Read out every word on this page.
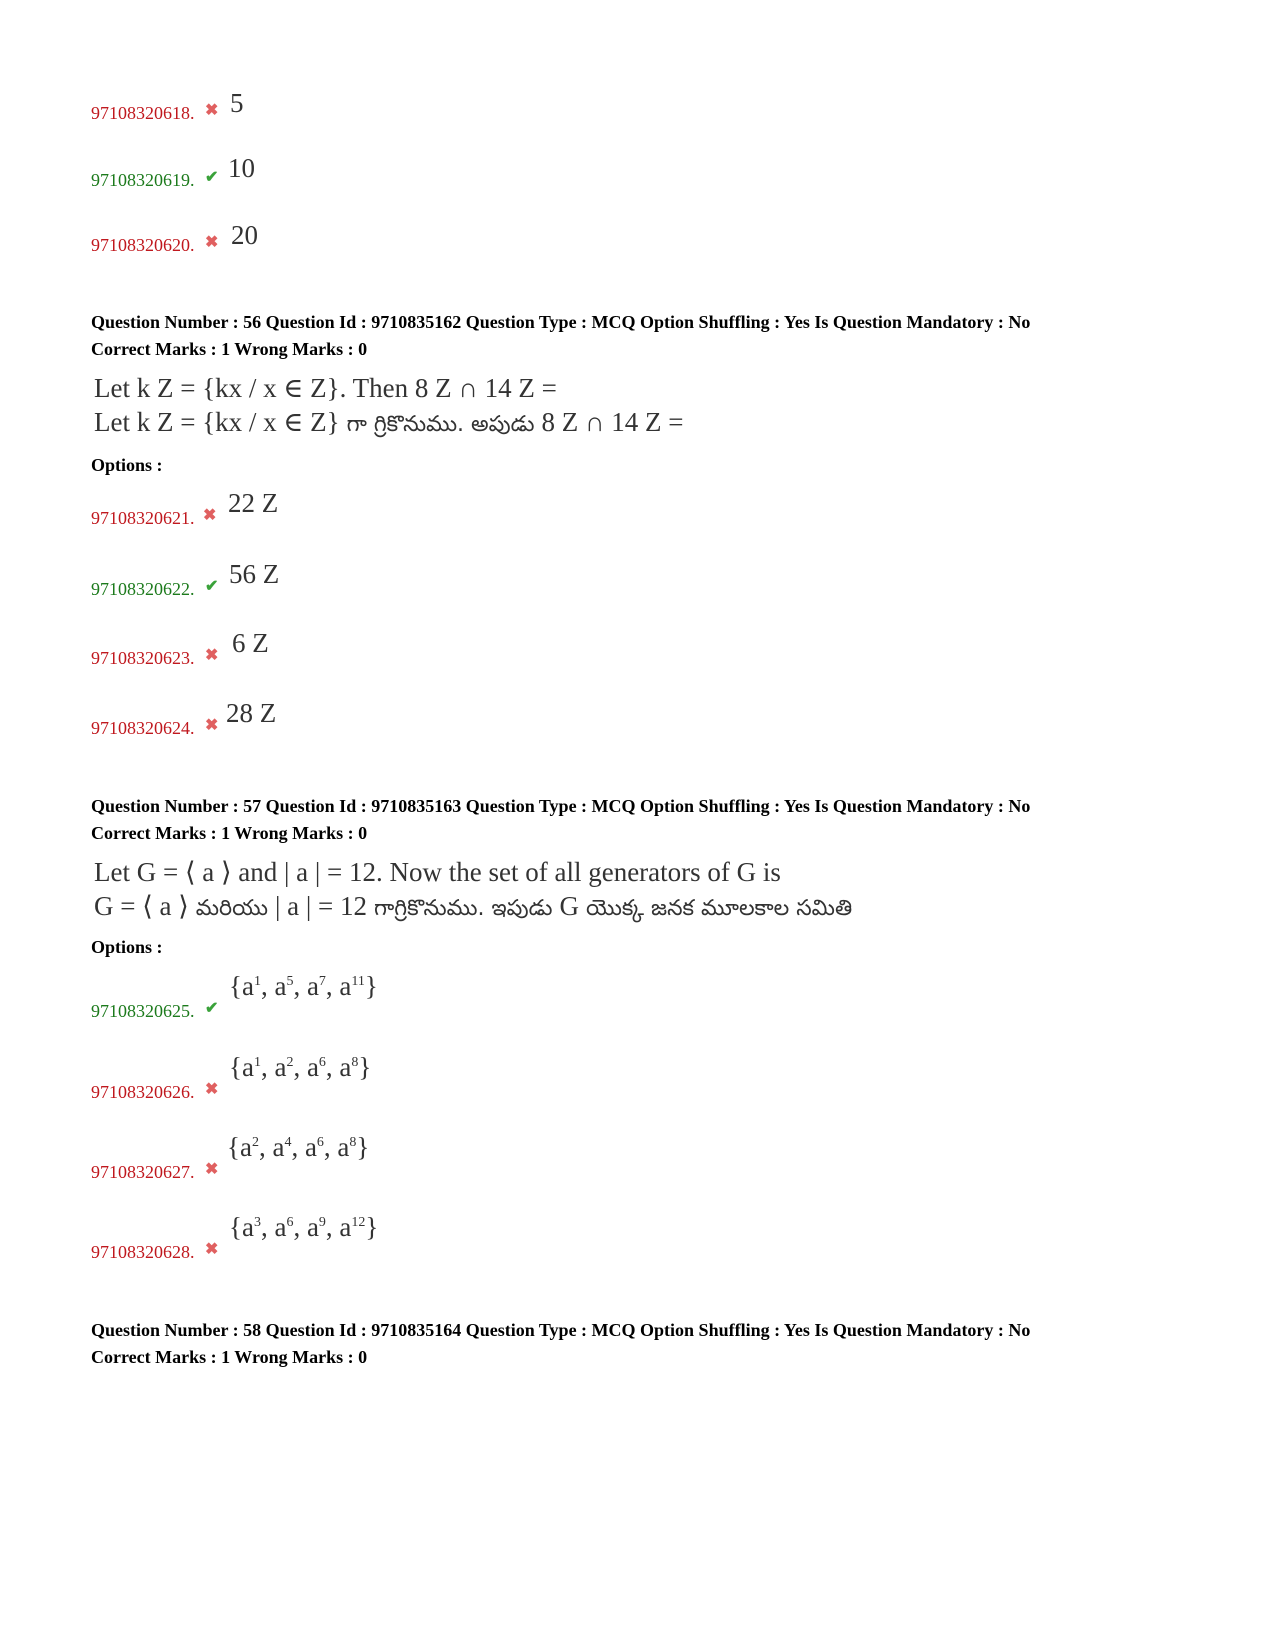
97108320618. ✖ 5
97108320619. ✔ 10
97108320620. ✖ 20
Question Number : 56 Question Id : 9710835162 Question Type : MCQ Option Shuffling : Yes Is Question Mandatory : No
Correct Marks : 1 Wrong Marks : 0
Let k Z = {kx / x ∈ Z}. Then 8 Z ∩ 14 Z =
Let k Z = {kx / x ∈ Z} గా గ్రికొనుము. అపుడు 8 Z ∩ 14 Z =
Options :
97108320621. ✖ 22 Z
97108320622. ✔ 56 Z
97108320623. ✖ 6 Z
97108320624. ✖ 28 Z
Question Number : 57 Question Id : 9710835163 Question Type : MCQ Option Shuffling : Yes Is Question Mandatory : No
Correct Marks : 1 Wrong Marks : 0
Let G = ⟨ a ⟩ and | a | = 12. Now the set of all generators of G is
G = ⟨ a ⟩ మరియు | a | = 12 గాగ్రికొనుము. ఇపుడు G యొక్క జనక మూలకాల సమితి
Options :
97108320625. ✔
{$a^1$, $a^5$, $a^7$, $a^{11}$}
97108320626. ✖
{$a^1$, $a^2$, $a^6$, $a^8$}
97108320627. ✖
{$a^2$, $a^4$, $a^6$, $a^8$}
97108320628. ✖
{$a^3$, $a^6$, $a^9$, $a^{12}$}
Question Number : 58 Question Id : 9710835164 Question Type : MCQ Option Shuffling : Yes Is Question Mandatory : No
Correct Marks : 1 Wrong Marks : 0
